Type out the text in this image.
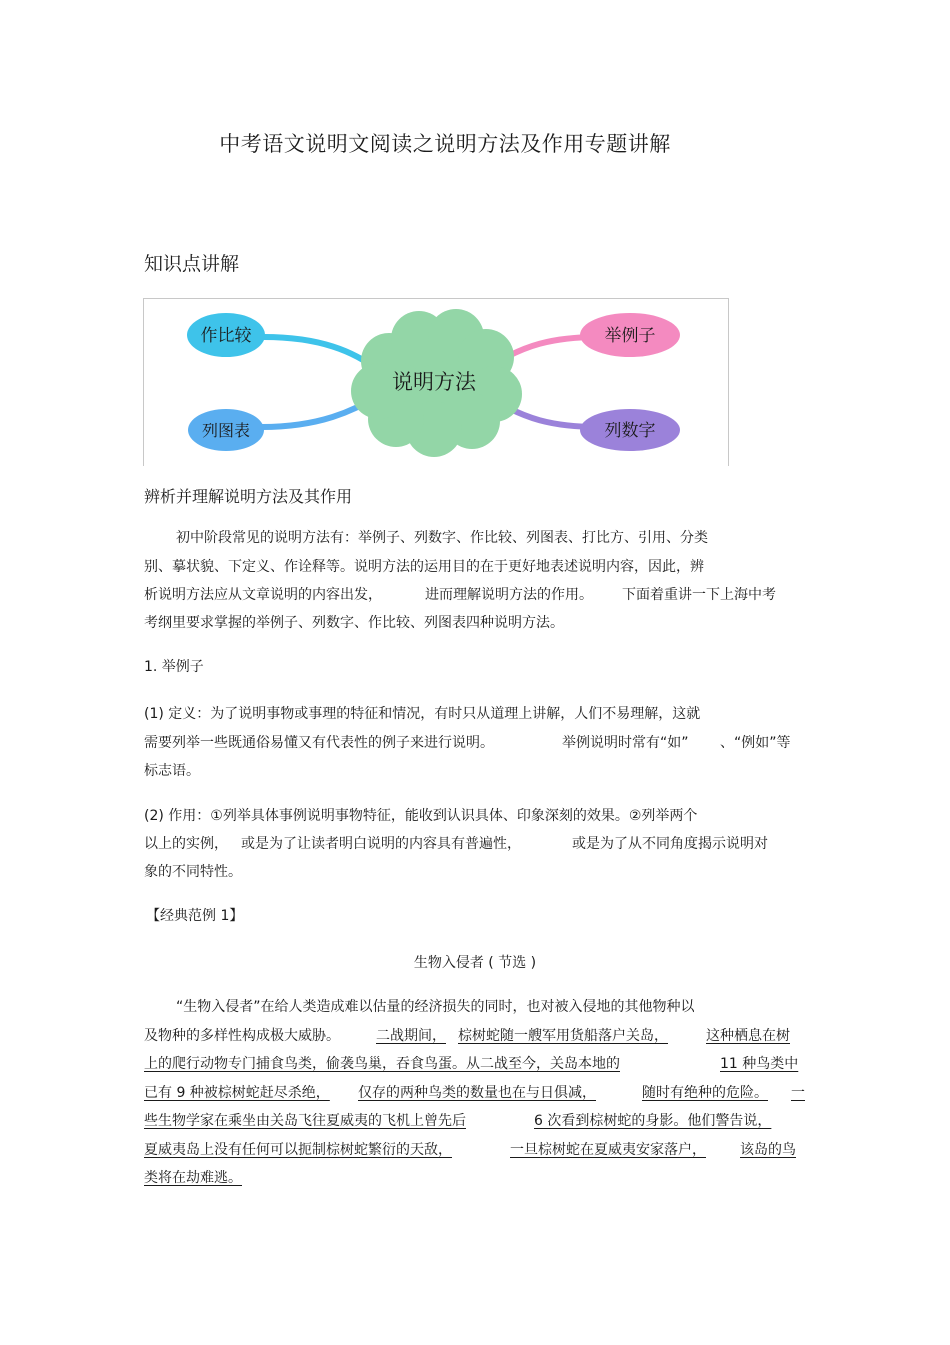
中考语文说明文阅读之说明方法及作用专题讲解
知识点讲解
作比较
列图表
举例子
列数字
说明方法
辨析并理解说明方法及其作用
初中阶段常见的说明方法有：举例子、列数字、作比较、列图表、打比方、引用、分类
别、摹状貌、下定义、作诠释等。说明方法的运用目的在于更好地表述说明内容，因此，辨
析说明方法应从文章说明的内容出发，	进而理解说明方法的作用。 下面着重讲一下上海中考
考纲里要求掌握的举例子、列数字、作比较、列图表四种说明方法。
1. 举例子
(1) 定义：为了说明事物或事理的特征和情况，有时只从道理上讲解，人们不易理解，这就
需要列举一些既通俗易懂又有代表性的例子来进行说明。	举例说明时常有“如” 、“例如”等
标志语。
(2) 作用：①列举具体事例说明事物特征，能收到认识具体、印象深刻的效果。②列举两个
以上的实例， 或是为了让读者明白说明的内容具有普遍性，	或是为了从不同角度揭示说明对
象的不同特性。
【经典范例 1】
生物入侵者 ( 节选 )
“生物入侵者”在给人类造成难以估量的经济损失的同时，也对被入侵地的其他物种以
及物种的多样性构成极大威胁。	二战期间， 棕树蛇随一艘军用货船落户关岛，	这种栖息在树
上的爬行动物专门捕食鸟类，偷袭鸟巢，吞食鸟蛋。从二战至今，关岛本地的	11 种鸟类中
已有 9 种被棕树蛇赶尽杀绝， 仅存的两种鸟类的数量也在与日俱减，	随时有绝种的危险。 一
些生物学家在乘坐由关岛飞往夏威夷的飞机上曾先后	6 次看到棕树蛇的身影。他们警告说，
夏威夷岛上没有任何可以扼制棕树蛇繁衍的天敌，	一旦棕树蛇在夏威夷安家落户， 该岛的鸟
类将在劫难逃。
